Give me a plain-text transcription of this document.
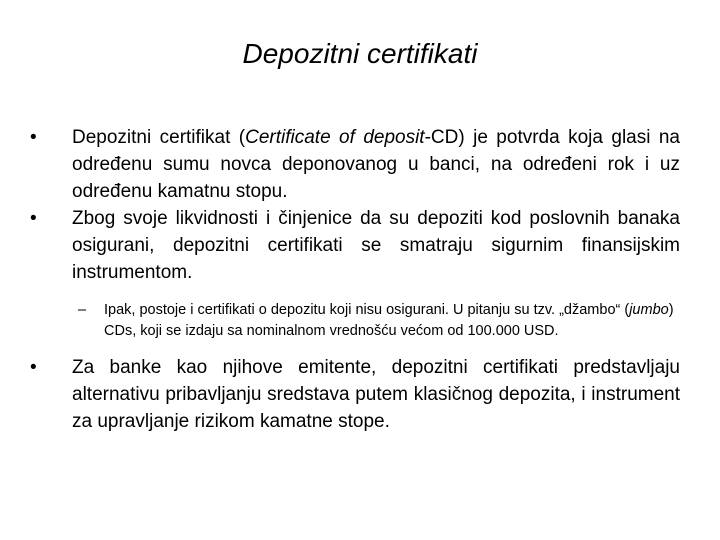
Depozitni certifikati

•	Depozitni certifikat (Certificate of deposit-CD) je potvrda koja glasi na određenu sumu novca deponovanog u banci, na određeni rok i uz određenu kamatnu stopu.

•	Zbog svoje likvidnosti i činjenice da su depoziti kod poslovnih banaka osigurani, depozitni certifikati se smatraju sigurnim finansijskim instrumentom.

– Ipak, postoje i certifikati o depozitu koji nisu osigurani. U pitanju su tzv. „džambo“ (jumbo) CDs, koji se izdaju sa nominalnom vrednošću većom od 100.000 USD.

•	Za banke kao njihove emitente, depozitni certifikati predstavljaju alternativu pribavljanju sredstava putem klasičnog depozita, i instrument za upravljanje rizikom kamatne stope.
